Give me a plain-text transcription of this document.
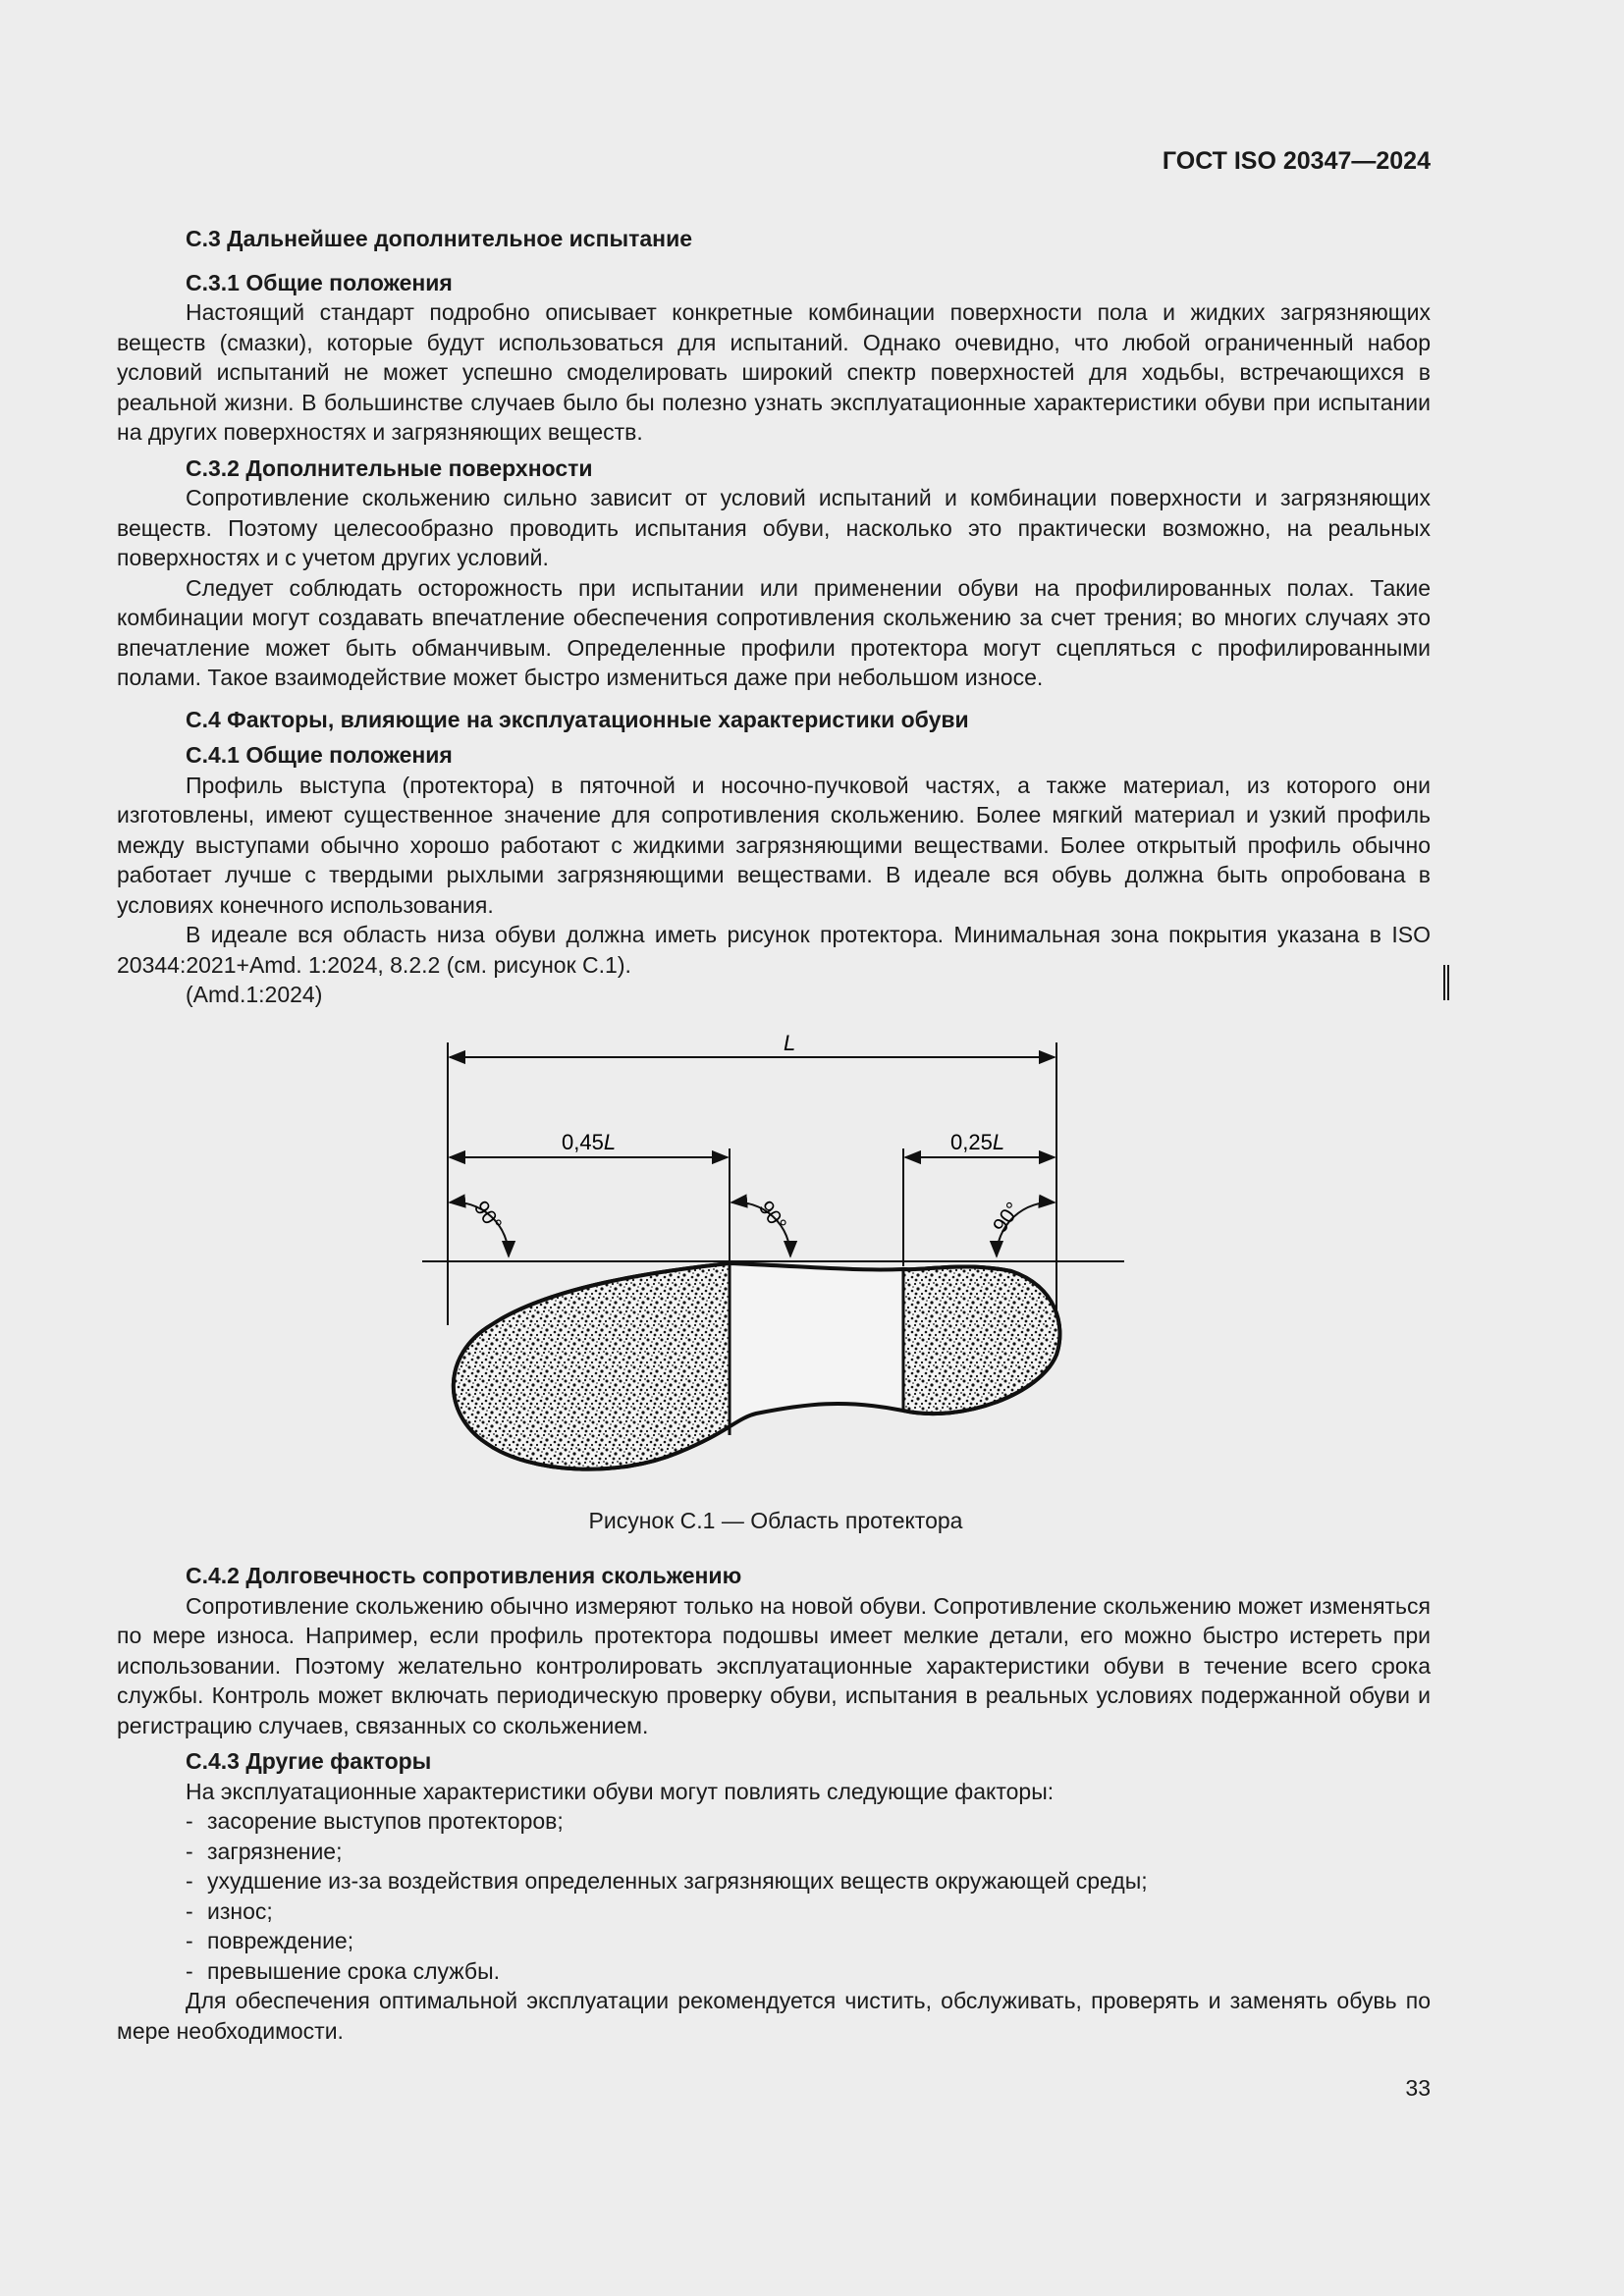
ГОСТ ISO 20347—2024

С.3 Дальнейшее дополнительное испытание

С.3.1 Общие положения

Настоящий стандарт подробно описывает конкретные комбинации поверхности пола и жидких загрязняющих веществ (смазки), которые будут использоваться для испытаний. Однако очевидно, что любой ограниченный набор условий испытаний не может успешно смоделировать широкий спектр поверхностей для ходьбы, встречающихся в реальной жизни. В большинстве случаев было бы полезно узнать эксплуатационные характеристики обуви при испытании на других поверхностях и загрязняющих веществ.

С.3.2 Дополнительные поверхности

Сопротивление скольжению сильно зависит от условий испытаний и комбинации поверхности и загрязняющих веществ. Поэтому целесообразно проводить испытания обуви, насколько это практически возможно, на реальных поверхностях и с учетом других условий.

Следует соблюдать осторожность при испытании или применении обуви на профилированных полах. Такие комбинации могут создавать впечатление обеспечения сопротивления скольжению за счет трения; во многих случаях это впечатление может быть обманчивым. Определенные профили протектора могут сцепляться с профилированными полами. Такое взаимодействие может быстро измениться даже при небольшом износе.

С.4 Факторы, влияющие на эксплуатационные характеристики обуви

С.4.1 Общие положения

Профиль выступа (протектора) в пяточной и носочно-пучковой частях, а также материал, из которого они изготовлены, имеют существенное значение для сопротивления скольжению. Более мягкий материал и узкий профиль между выступами обычно хорошо работают с жидкими загрязняющими веществами. Более открытый профиль обычно работает лучше с твердыми рыхлыми загрязняющими веществами. В идеале вся обувь должна быть опробована в условиях конечного использования.

В идеале вся область низа обуви должна иметь рисунок протектора. Минимальная зона покрытия указана в ISO 20344:2021+Amd. 1:2024, 8.2.2 (см. рисунок С.1).

(Amd.1:2024)

L
0,45L	0,25L
90°	90°	90°
Рисунок С.1 — Область протектора

С.4.2 Долговечность сопротивления скольжению

Сопротивление скольжению обычно измеряют только на новой обуви. Сопротивление скольжению может изменяться по мере износа. Например, если профиль протектора подошвы имеет мелкие детали, его можно быстро истереть при использовании. Поэтому желательно контролировать эксплуатационные характеристики обуви в течение всего срока службы. Контроль может включать периодическую проверку обуви, испытания в реальных условиях подержанной обуви и регистрацию случаев, связанных со скольжением.

С.4.3 Другие факторы

На эксплуатационные характеристики обуви могут повлиять следующие факторы:

- засорение выступов протекторов;

- загрязнение;

- ухудшение из-за воздействия определенных загрязняющих веществ окружающей среды;

- износ;

- повреждение;

- превышение срока службы.

Для обеспечения оптимальной эксплуатации рекомендуется чистить, обслуживать, проверять и заменять обувь по мере необходимости.

33
